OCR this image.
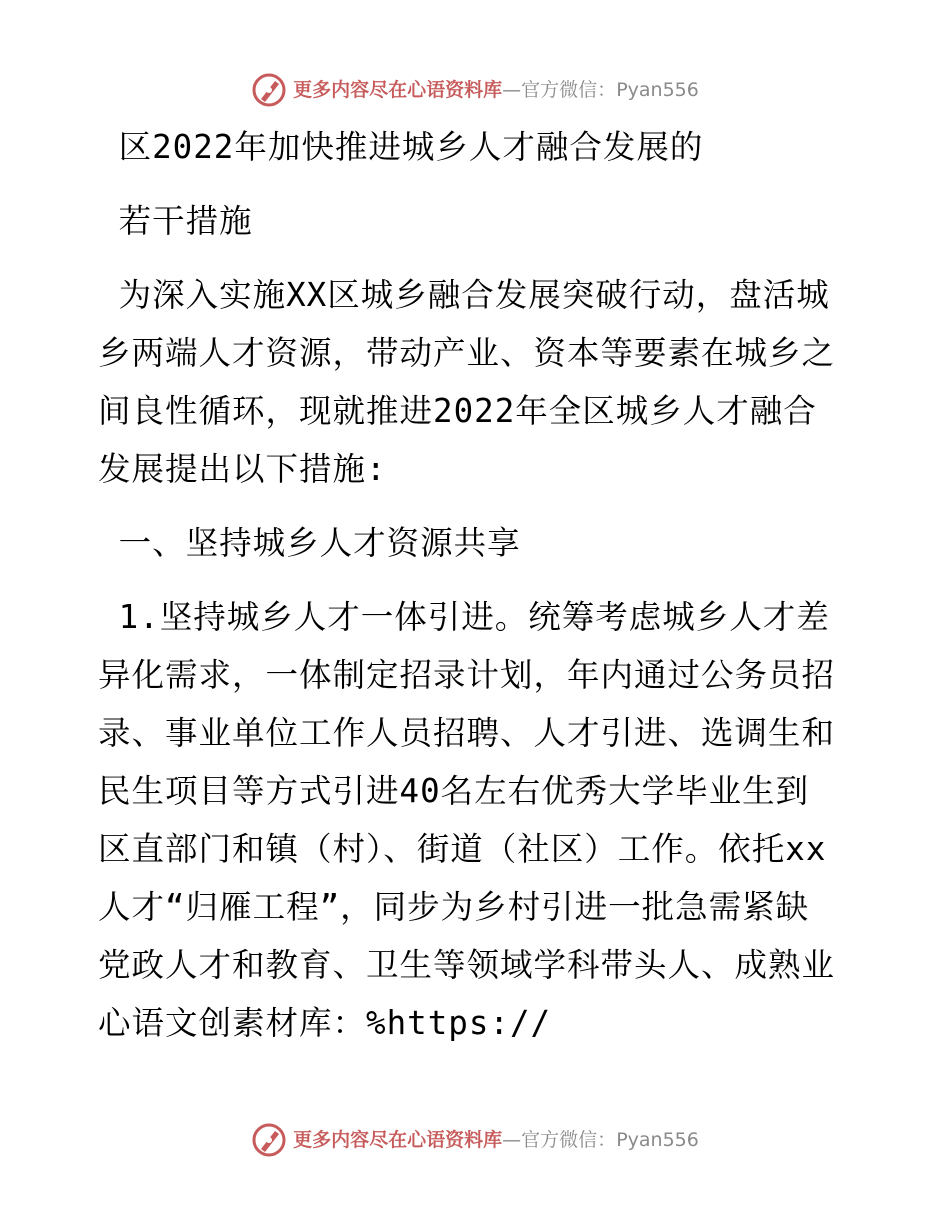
更多内容尽在心语资料库—官方微信：Pyan556
区2022年加快推进城乡人才融合发展的
若干措施
为深入实施XX区城乡融合发展突破行动，盘活城
乡两端人才资源，带动产业、资本等要素在城乡之
间良性循环，现就推进2022年全区城乡人才融合
发展提出以下措施:
一、坚持城乡人才资源共享
1.坚持城乡人才一体引进。统筹考虑城乡人才差
异化需求，一体制定招录计划，年内通过公务员招
录、事业单位工作人员招聘、人才引进、选调生和
民生项目等方式引进40名左右优秀大学毕业生到
区直部门和镇（村）、街道（社区）工作。依托xx
人才“归雁工程”，同步为乡村引进一批急需紧缺
党政人才和教育、卫生等领域学科带头人、成熟业
心语文创素材库：%https://
更多内容尽在心语资料库—官方微信：Pyan556
